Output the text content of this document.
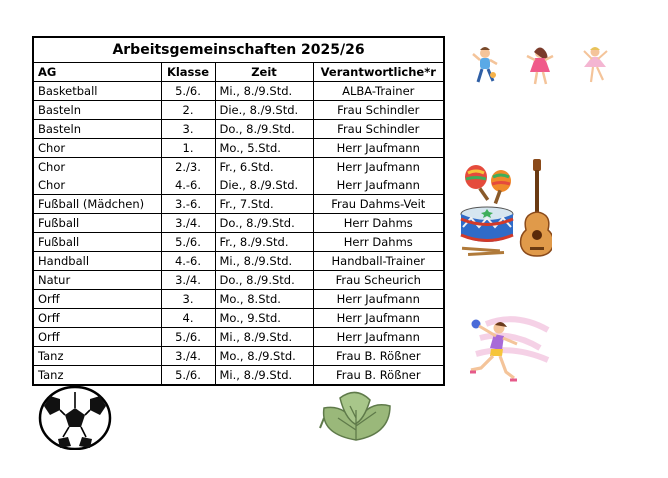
Arbeitsgemeinschaften 2025/26			
AG	Klasse	Zeit	Verantwortliche*r
Basketball	5./6.	Mi., 8./9.Std.	ALBA-Trainer
Basteln	2.	Die., 8./9.Std.	Frau Schindler
Basteln	3.	Do., 8./9.Std.	Frau Schindler
Chor	1.	Mo., 5.Std.	Herr Jaufmann
Chor	2./3.	Fr., 6.Std.	Herr Jaufmann
Chor	4.-6.	Die., 8./9.Std.	Herr Jaufmann
Fußball (Mädchen)	3.-6.	Fr., 7.Std.	Frau Dahms-Veit
Fußball	3./4.	Do., 8./9.Std.	Herr Dahms
Fußball	5./6.	Fr., 8./9.Std.	Herr Dahms
Handball	4.-6.	Mi., 8./9.Std.	Handball-Trainer
Natur	3./4.	Do., 8./9.Std.	Frau Scheurich
Orff	3.	Mo., 8.Std.	Herr Jaufmann
Orff	4.	Mo., 9.Std.	Herr Jaufmann
Orff	5./6.	Mi., 8./9.Std.	Herr Jaufmann
Tanz	3./4.	Mo., 8./9.Std.	Frau B. Rößner
Tanz	5./6.	Mi., 8./9.Std.	Frau B. Rößner
